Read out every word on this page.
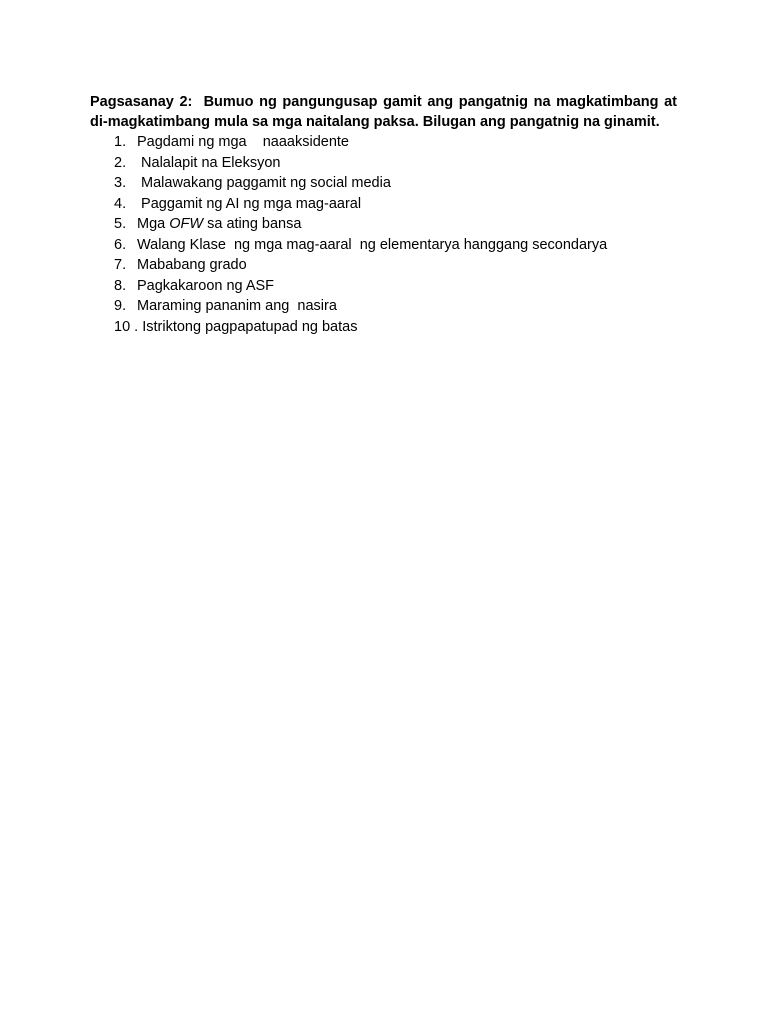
Pagsasanay 2: Bumuo ng pangungusap gamit ang pangatnig na magkatimbang at di-magkatimbang mula sa mga naitalang paksa. Bilugan ang pangatnig na ginamit.

1. Pagdami ng mga    naaaksidente
2. Nalalapit na Eleksyon
3. Malawakang paggamit ng social media
4. Paggamit ng AI ng mga mag-aaral
5. Mga OFW sa ating bansa
6. Walang Klase  ng mga mag-aaral  ng elementarya hanggang secondarya
7. Mababang grado
8. Pagkakaroon ng ASF
9. Maraming pananim ang  nasira
10 . Istriktong pagpapatupad ng batas
